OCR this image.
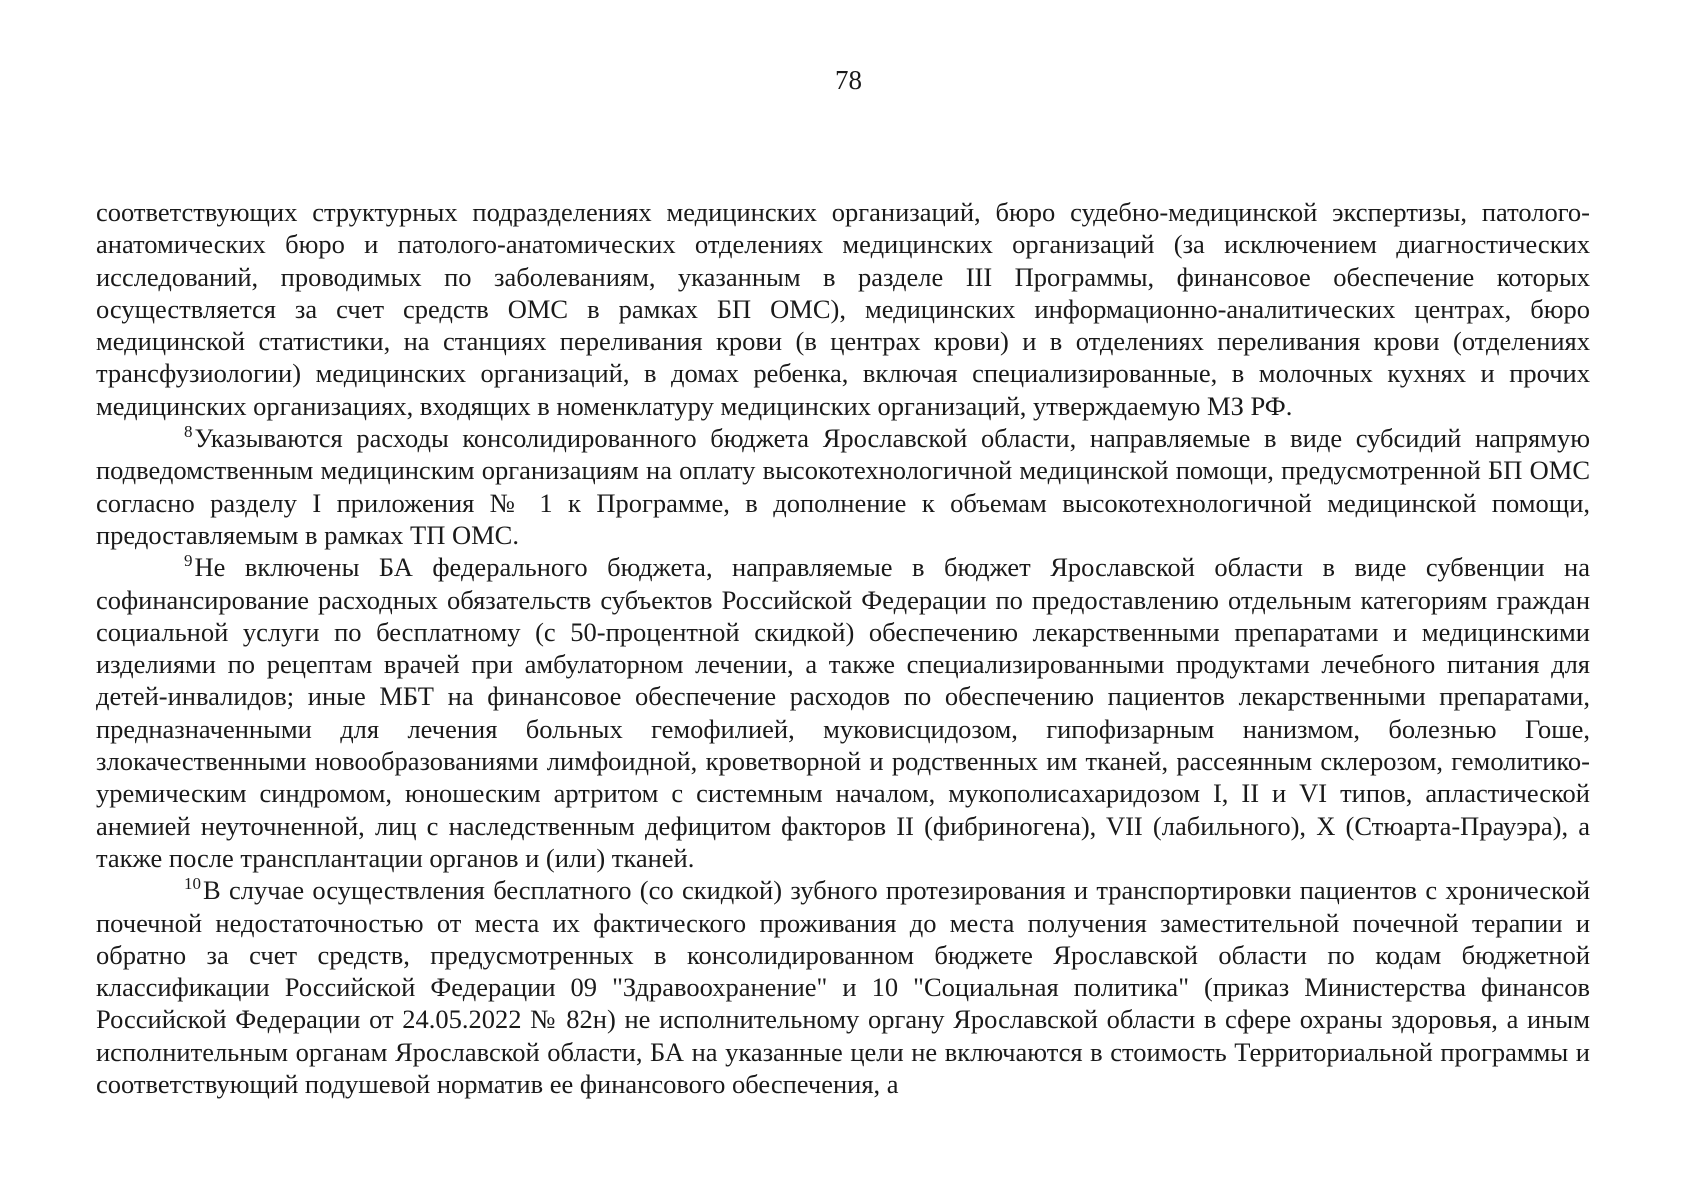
78

соответствующих структурных подразделениях медицинских организаций, бюро судебно-медицинской экспертизы, патолого-анатомических бюро и патолого-анатомических отделениях медицинских организаций (за исключением диагностических исследований, проводимых по заболеваниям, указанным в разделе III Программы, финансовое обеспечение которых осуществляется за счет средств ОМС в рамках БП ОМС), медицинских информационно-аналитических центрах, бюро медицинской статистики, на станциях переливания крови (в центрах крови) и в отделениях переливания крови (отделениях трансфузиологии) медицинских организаций, в домах ребенка, включая специализированные, в молочных кухнях и прочих медицинских организациях, входящих в номенклатуру медицинских организаций, утверждаемую МЗ РФ.

$^8$Указываются расходы консолидированного бюджета Ярославской области, направляемые в виде субсидий напрямую подведомственным медицинским организациям на оплату высокотехнологичной медицинской помощи, предусмотренной БП ОМС согласно разделу I приложения № 1 к Программе, в дополнение к объемам высокотехнологичной медицинской помощи, предоставляемым в рамках ТП ОМС.

$^9$Не включены БА федерального бюджета, направляемые в бюджет Ярославской области в виде субвенции на софинансирование расходных обязательств субъектов Российской Федерации по предоставлению отдельным категориям граждан социальной услуги по бесплатному (с 50-процентной скидкой) обеспечению лекарственными препаратами и медицинскими изделиями по рецептам врачей при амбулаторном лечении, а также специализированными продуктами лечебного питания для детей-инвалидов; иные МБТ на финансовое обеспечение расходов по обеспечению пациентов лекарственными препаратами, предназначенными для лечения больных гемофилией, муковисцидозом, гипофизарным нанизмом, болезнью Гоше, злокачественными новообразованиями лимфоидной, кроветворной и родственных им тканей, рассеянным склерозом, гемолитико-уремическим синдромом, юношеским артритом с системным началом, мукополисахаридозом I, II и VI типов, апластической анемией неуточненной, лиц с наследственным дефицитом факторов II (фибриногена), VII (лабильного), X (Стюарта-Прауэра), а также после трансплантации органов и (или) тканей.

$^{10}$В случае осуществления бесплатного (со скидкой) зубного протезирования и транспортировки пациентов с хронической почечной недостаточностью от места их фактического проживания до места получения заместительной почечной терапии и обратно за счет средств, предусмотренных в консолидированном бюджете Ярославской области по кодам бюджетной классификации Российской Федерации 09 "Здравоохранение" и 10 "Социальная политика" (приказ Министерства финансов Российской Федерации от 24.05.2022 № 82н) не исполнительному органу Ярославской области в сфере охраны здоровья, а иным исполнительным органам Ярославской области, БА на указанные цели не включаются в стоимость Территориальной программы и соответствующий подушевой норматив ее финансового обеспечения, а
